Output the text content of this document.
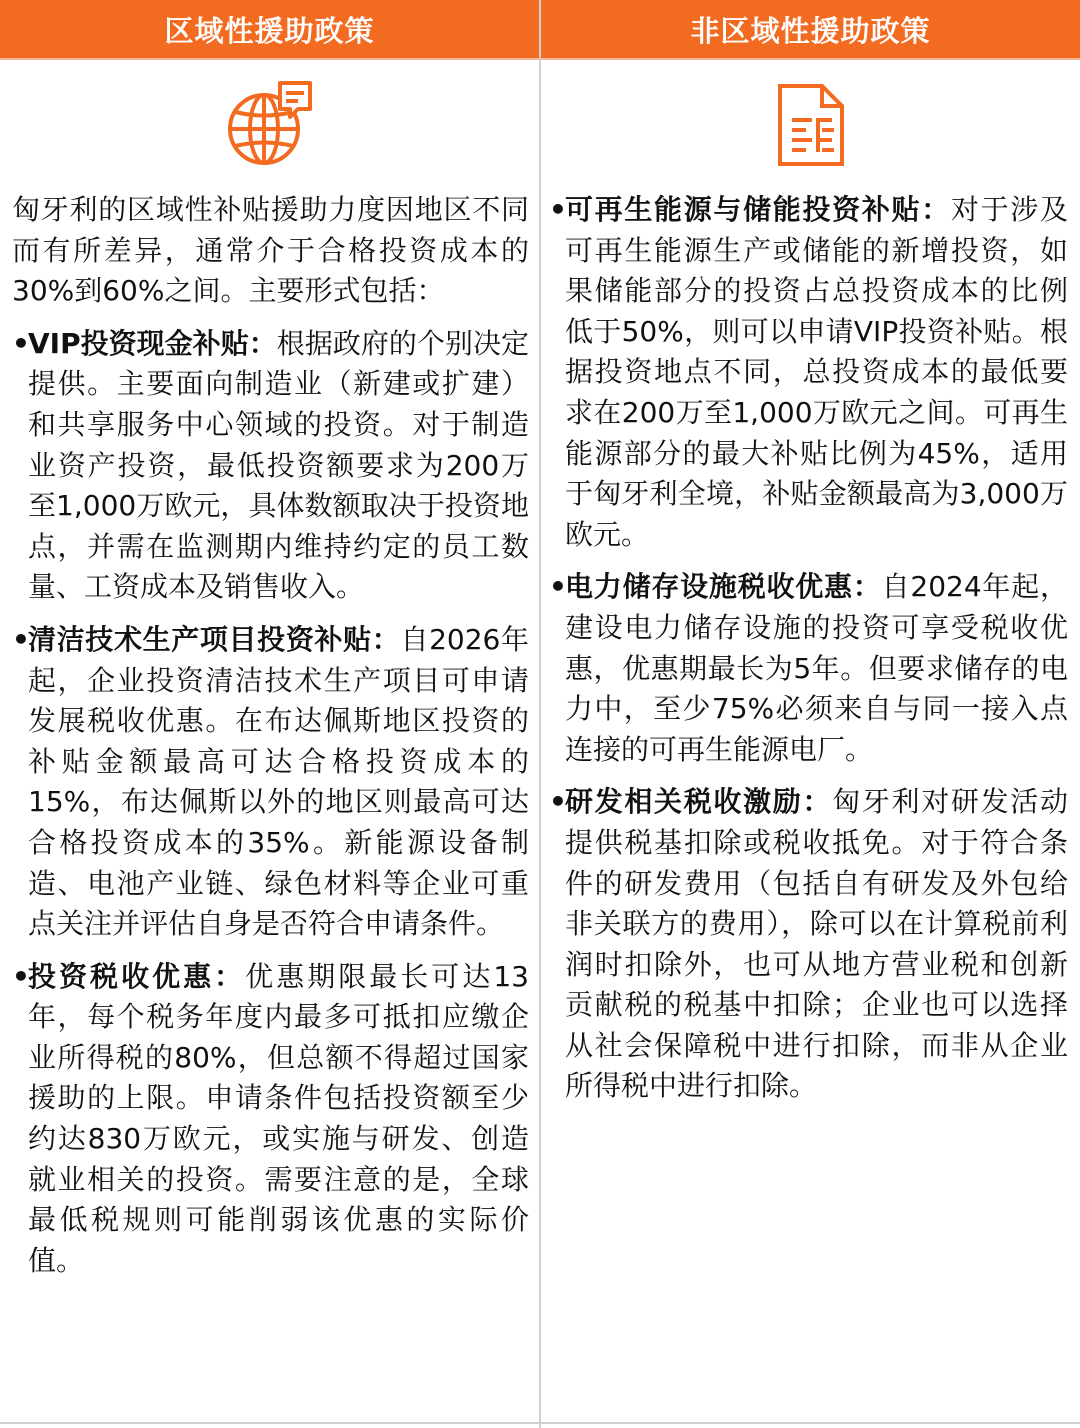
区域性援助政策

匈牙利的区域性补贴援助力度因地区不同而有所差异，通常介于合格投资成本的30%到60%之间。主要形式包括：

•
VIP投资现金补贴：根据政府的个别决定提供。主要面向制造业（新建或扩建）和共享服务中心领域的投资。对于制造业资产投资，最低投资额要求为200万至1,000万欧元，具体数额取决于投资地点，并需在监测期内维持约定的员工数量、工资成本及销售收入。
•
清洁技术生产项目投资补贴：自2026年起，企业投资清洁技术生产项目可申请发展税收优惠。在布达佩斯地区投资的补贴金额最高可达合格投资成本的15%，布达佩斯以外的地区则最高可达合格投资成本的35%。新能源设备制造、电池产业链、绿色材料等企业可重点关注并评估自身是否符合申请条件。
•
投资税收优惠：优惠期限最长可达13年，每个税务年度内最多可抵扣应缴企业所得税的80%，但总额不得超过国家援助的上限。申请条件包括投资额至少约达830万欧元，或实施与研发、创造就业相关的投资。需要注意的是，全球最低税规则可能削弱该优惠的实际价值。
非区域性援助政策
•
可再生能源与储能投资补贴：对于涉及可再生能源生产或储能的新增投资，如果储能部分的投资占总投资成本的比例低于50%，则可以申请VIP投资补贴。根据投资地点不同，总投资成本的最低要求在200万至1,000万欧元之间。可再生能源部分的最大补贴比例为45%，适用于匈牙利全境，补贴金额最高为3,000万欧元。
•
电力储存设施税收优惠：自2024年起，建设电力储存设施的投资可享受税收优惠，优惠期最长为5年。但要求储存的电力中，至少75%必须来自与同一接入点连接的可再生能源电厂。
•
研发相关税收激励：匈牙利对研发活动提供税基扣除或税收抵免。对于符合条件的研发费用（包括自有研发及外包给非关联方的费用），除可以在计算税前利润时扣除外，也可从地方营业税和创新贡献税的税基中扣除；企业也可以选择从社会保障税中进行扣除，而非从企业所得税中进行扣除。
